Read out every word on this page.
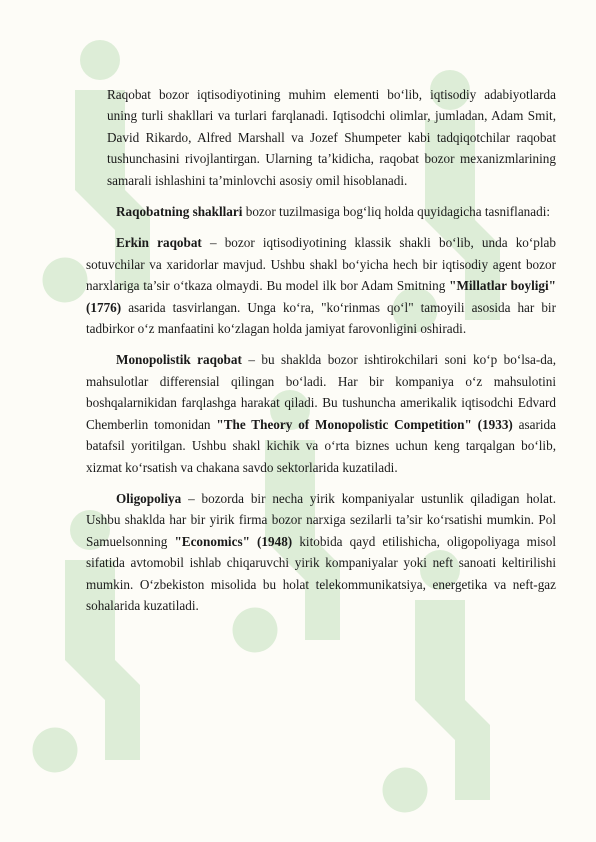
Raqobat bozor iqtisodiyotining muhim elementi bo‘lib, iqtisodiy adabiyotlarda uning turli shakllari va turlari farqlanadi. Iqtisodchi olimlar, jumladan, Adam Smit, David Rikardo, Alfred Marshall va Jozef Shumpeter kabi tadqiqotchilar raqobat tushunchasini rivojlantirgan. Ularning ta’kidicha, raqobat bozor mexanizmlarining samarali ishlashini ta’minlovchi asosiy omil hisoblanadi.

Raqobatning shakllari bozor tuzilmasiga bog‘liq holda quyidagicha tasniflanadi:

Erkin raqobat – bozor iqtisodiyotining klassik shakli bo‘lib, unda ko‘plab sotuvchilar va xaridorlar mavjud. Ushbu shakl bo‘yicha hech bir iqtisodiy agent bozor narxlariga ta’sir o‘tkaza olmaydi. Bu model ilk bor Adam Smitning "Millatlar boyligi" (1776) asarida tasvirlangan. Unga ko‘ra, "ko‘rinmas qo‘l" tamoyili asosida har bir tadbirkor o‘z manfaatini ko‘zlagan holda jamiyat farovonligini oshiradi.

Monopolistik raqobat – bu shaklda bozor ishtirokchilari soni ko‘p bo‘lsa-da, mahsulotlar differensial qilingan bo‘ladi. Har bir kompaniya o‘z mahsulotini boshqalarnikidan farqlashga harakat qiladi. Bu tushuncha amerikalik iqtisodchi Edvard Chemberlin tomonidan "The Theory of Monopolistic Competition" (1933) asarida batafsil yoritilgan. Ushbu shakl kichik va o‘rta biznes uchun keng tarqalgan bo‘lib, xizmat ko‘rsatish va chakana savdo sektorlarida kuzatiladi.

Oligopoliya – bozorda bir necha yirik kompaniyalar ustunlik qiladigan holat. Ushbu shaklda har bir yirik firma bozor narxiga sezilarli ta’sir ko‘rsatishi mumkin. Pol Samuelsonning "Economics" (1948) kitobida qayd etilishicha, oligopoliyaga misol sifatida avtomobil ishlab chiqaruvchi yirik kompaniyalar yoki neft sanoati keltirilishi mumkin. O‘zbekiston misolida bu holat telekommunikatsiya, energetika va neft-gaz sohalarida kuzatiladi.
